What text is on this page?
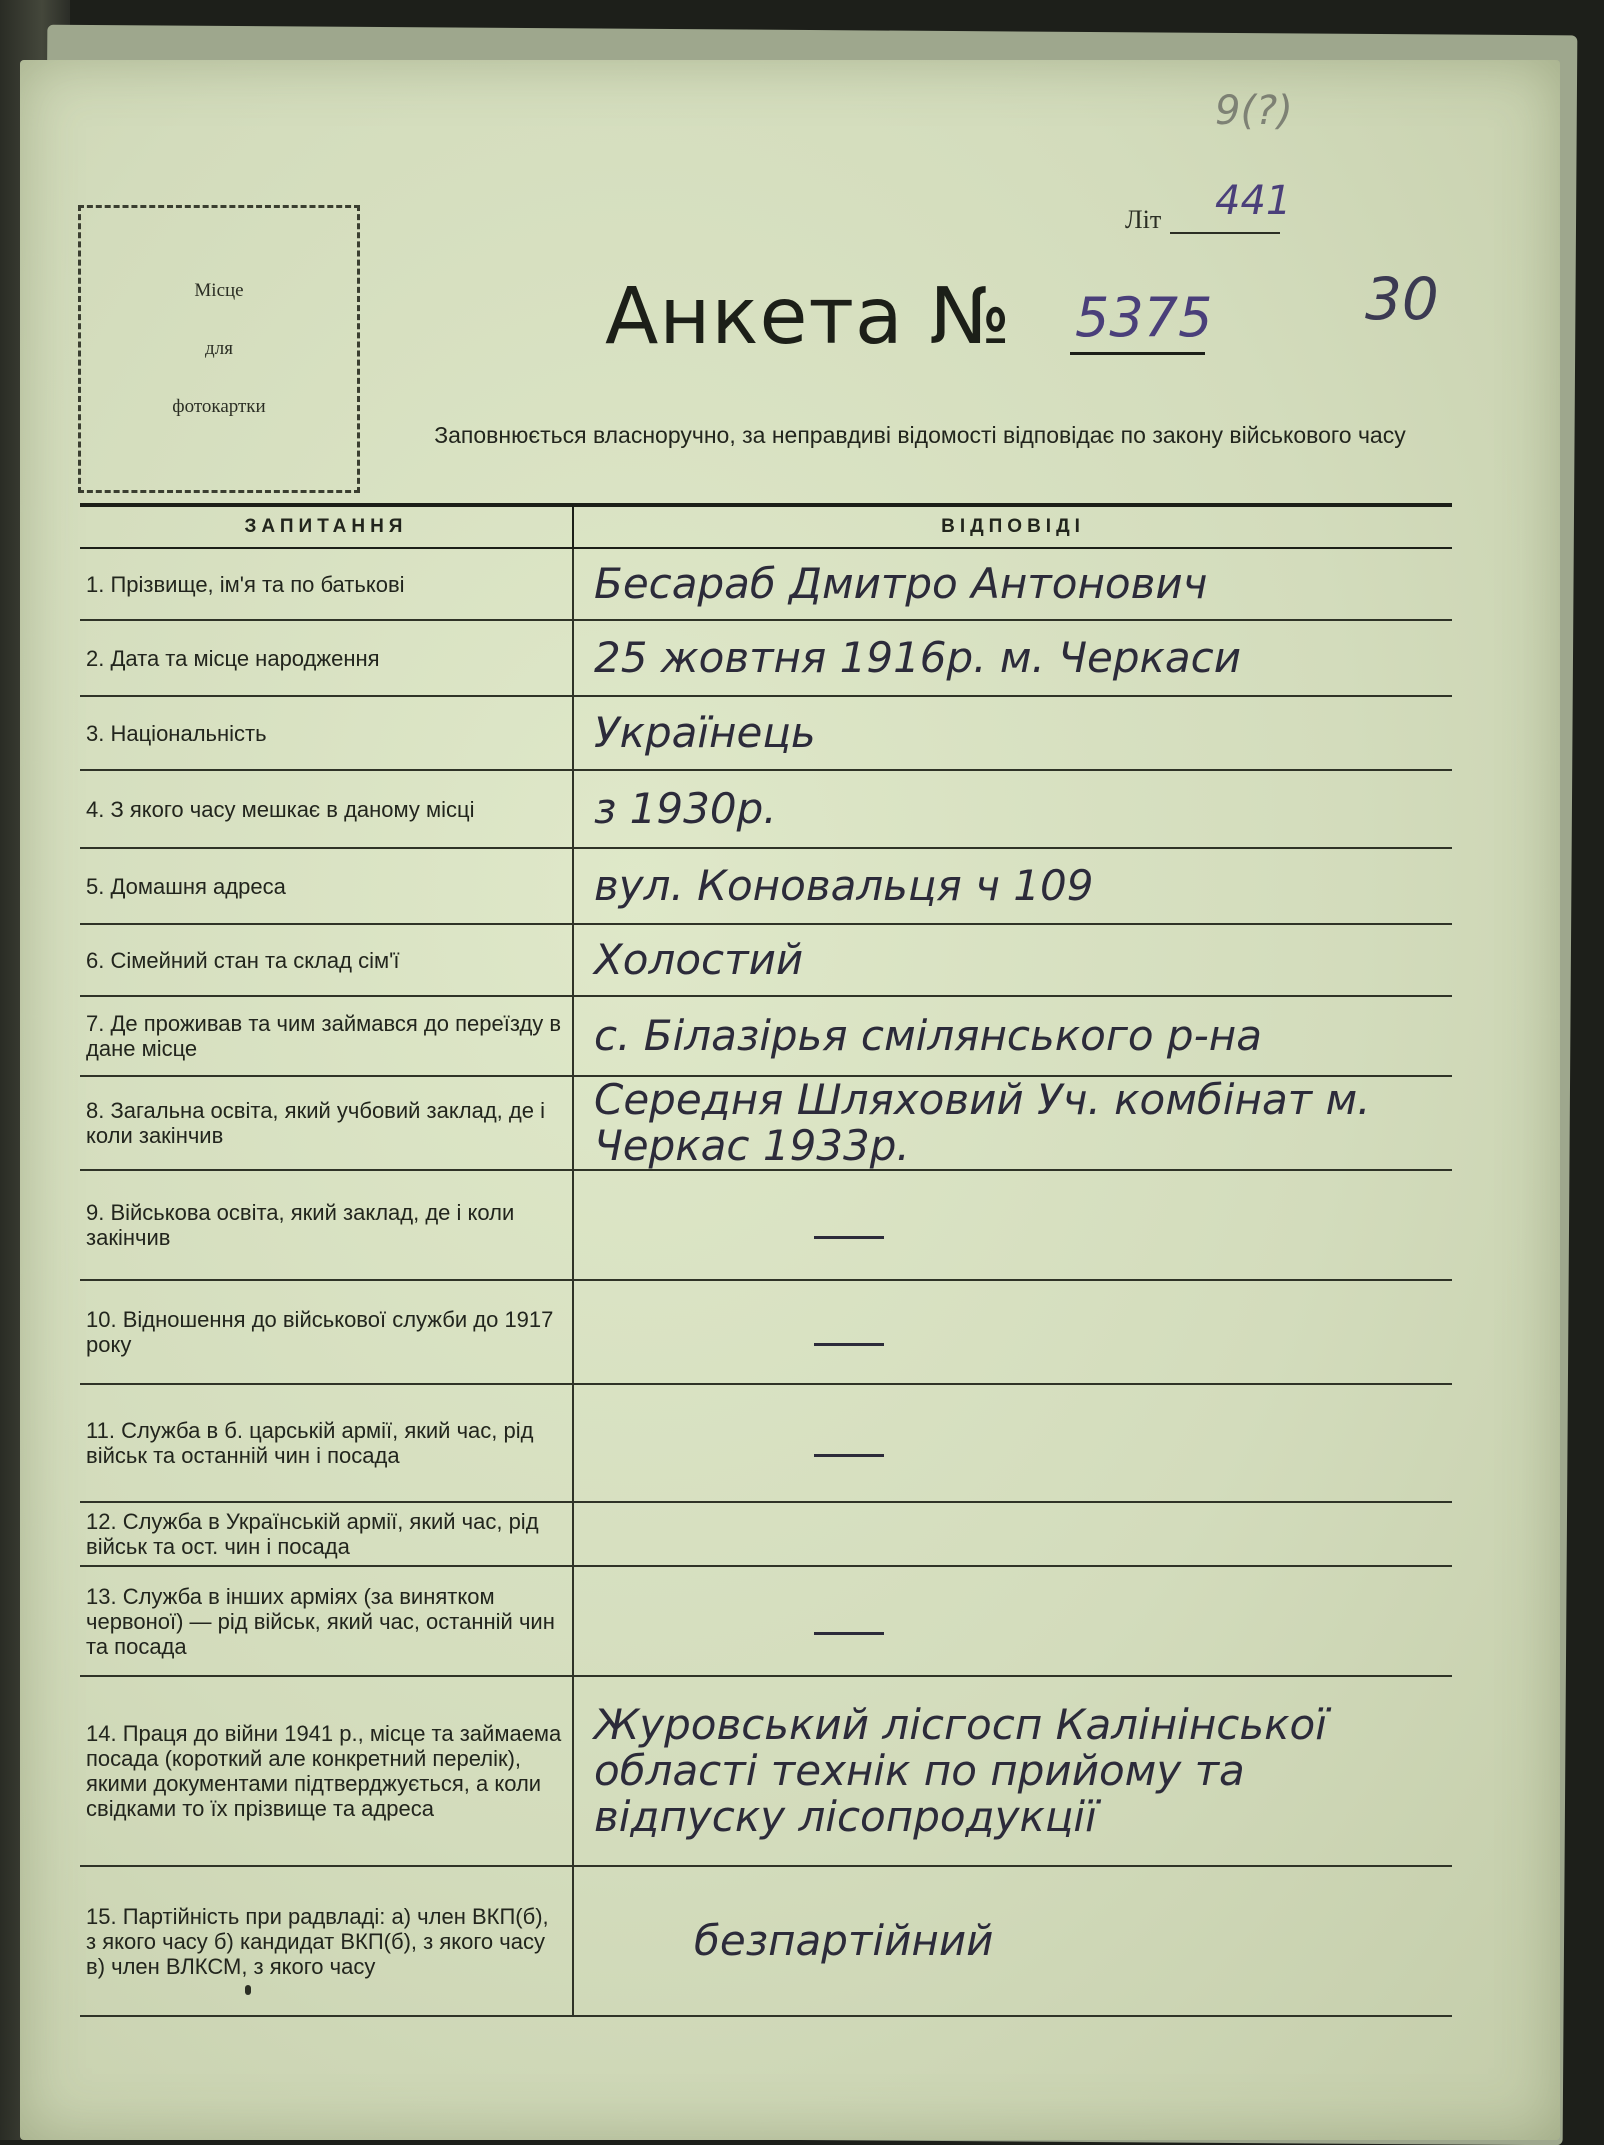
Місце
для
фотокартки
9(?)
Літ 441
Анкета № 5375	30
Заповнюється власноручно, за неправдиві відомості відповідає по закону військового часу
ЗАПИТАННЯ	ВІДПОВІДІ
1. Прізвище, ім'я та по батькові	Бесараб Дмитро Антонович
2. Дата та місце народження	25 жовтня 1916р. м. Черкаси
3. Національність	Українець
4. З якого часу мешкає в даному місці	з 1930р.
5. Домашня адреса	вул. Коновальця ч 109
6. Сімейний стан та склад сім'ї	Холостий
7. Де проживав та чим займався до переїзду в дане місце	с. Білазірья смілянського р-на
8. Загальна освіта, який учбовий заклад, де і коли закінчив	Середня Шляховий Уч. комбінат м. Черкас 1933р.
9. Військова освіта, який заклад, де і коли закінчив	
10. Відношення до військової служби до 1917 року	
11. Служба в б. царській армії, який час, рід військ та останній чин і посада	
12. Служба в Українській армії, який час, рід військ та ост. чин і посада	
13. Служба в інших арміях (за винятком червоної) — рід військ, який час, останній чин та посада	
14. Праця до війни 1941 р., місце та займаема посада (короткий але конкретний перелік), якими документами підтверджується, а коли свідками то їх прізвище та адреса	Журовський лісгосп Калінінської області технік по прийому та відпуску лісопродукції
15. Партійність при радвладі: а) член ВКП(б), з якого часу б) кандидат ВКП(б), з якого часу в) член ВЛКСМ, з якого часу	безпартійний
